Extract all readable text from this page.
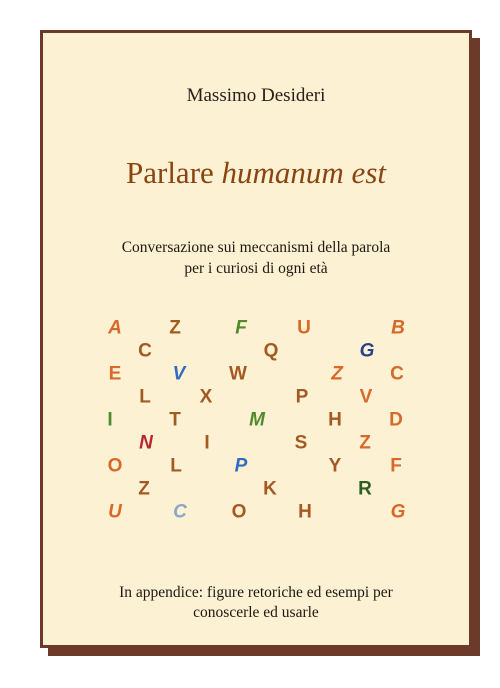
Massimo Desideri
Parlare humanum est
Conversazione sui meccanismi della parola
per i curiosi di ogni età
A Z	F	U	B
C	Q	G
E	V W	Z C
L	X	P	V
I	T	M	H D
N	I	S	Z
O	L	P	Y	F
Z	K	R
U	C O	H	G
In appendice: figure retoriche ed esempi per
conoscerle ed usarle
